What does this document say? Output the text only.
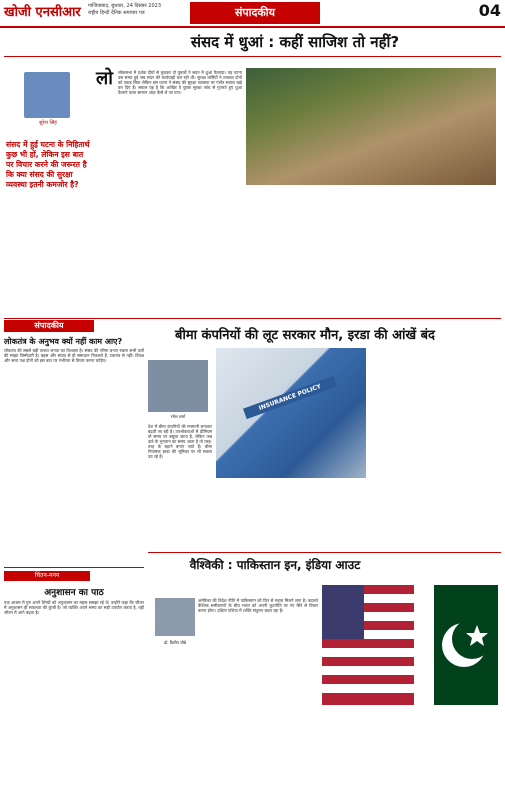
खोजी एनसीआर गाजियाबाद, बुधवार, 24 दिसंबर 2023
राष्ट्रीय हिन्दी दैनिक समाचार पत्र	संपादकीय	04
संसद में धुआं : कहीं साजिश तो नहीं?
सुरेश सिंह
संसद में हुई घटना के निहितार्थ कुछ भी हों, लेकिन इस बात पर विचार करने की जरूरत है कि क्या संसद की सुरक्षा व्यवस्था इतनी कमजोर है?
लो लोकसभा में दर्शक दीर्घा से कूदकर दो युवकों ने सदन में धुआं फैलाया। यह घटना उस समय हुई जब सदन की कार्यवाही चल रही थी। सुरक्षा कर्मियों ने तत्काल दोनों को पकड़ लिया लेकिन इस घटना ने संसद की सुरक्षा व्यवस्था पर गंभीर सवाल खड़े कर दिए हैं। सवाल यह है कि आखिर ये युवक सुरक्षा जांच से गुजरते हुए धुआं फैलाने वाला सामान अंदर कैसे ले जा पाए।

संपादकीय
लोकतंत्र के अनुभव क्यों नहीं काम आए?

लोकतंत्र की सबसे बड़ी ताकत जनता का विश्वास है। संसद की गरिमा बनाए रखना सभी दलों की साझा जिम्मेदारी है। बहस और संवाद से ही समाधान निकलते हैं, टकराव से नहीं। विपक्ष और सत्ता पक्ष दोनों को इस बात पर गंभीरता से विचार करना चाहिए।

बीमा कंपनियों की लूट सरकार मौन, इरडा की आंखें बंद
रमेश शर्मा
INSURANCE POLICY

देश में बीमा कंपनियों की मनमानी लगातार बढ़ती जा रही है। उपभोक्ताओं से प्रीमियम तो समय पर वसूला जाता है, लेकिन जब दावे के भुगतान का समय आता है तो तरह-तरह के बहाने बनाए जाते हैं। बीमा नियामक इरडा की भूमिका पर भी सवाल उठ रहे हैं।

चिंतन-मनन
अनुशासन का पाठ

एक आश्रम में गुरु अपने शिष्यों को अनुशासन का महत्व समझा रहे थे। उन्होंने कहा कि जीवन में अनुशासन ही सफलता की कुंजी है। जो व्यक्ति अपने समय का सही उपयोग करता है, वही जीवन में आगे बढ़ता है।

वैश्विकी : पाकिस्तान इन, इंडिया आउट
डॉ. दिलीप चौबे

अमेरिका की विदेश नीति में पाकिस्तान को फिर से महत्व मिलने लगा है। बदलते वैश्विक समीकरणों के बीच भारत को अपनी कूटनीति पर नए सिरे से विचार करना होगा। दक्षिण एशिया में शक्ति संतुलन बदल रहा है।
